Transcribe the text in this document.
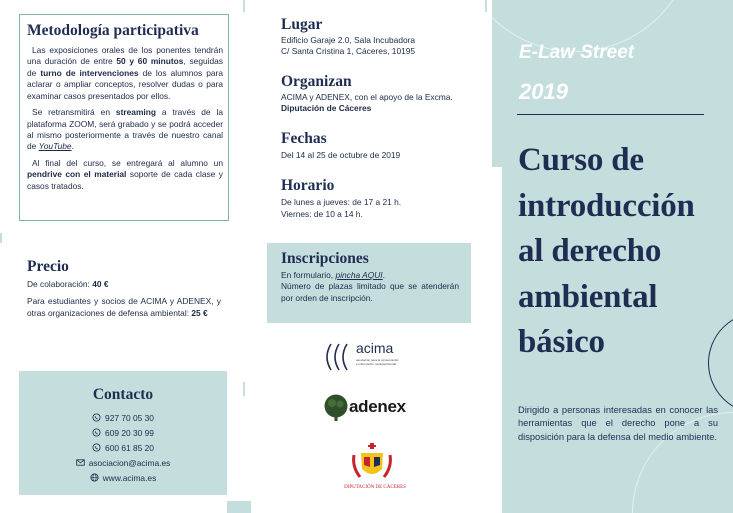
Metodología participativa
Las exposiciones orales de los ponentes tendrán una duración de entre 50 y 60 minutos, seguidas de turno de intervenciones de los alumnos para aclarar o ampliar conceptos, resolver dudas o para examinar casos presentados por ellos.
Se retransmitirá en streaming a través de la plataforma ZOOM, será grabado y se podrá acceder al mismo posteriormente a través de nuestro canal de YouTube.
Al final del curso, se entregará al alumno un pendrive con el material soporte de cada clase y casos tratados.
Precio
De colaboración: 40 €
Para estudiantes y socios de ACIMA y ADENEX, y otras organizaciones de defensa ambiental: 25 €
Contacto
927 70 05 30
609 20 30 99
600 61 85 20
asociacion@acima.es
www.acima.es
Lugar
Edificio Garaje 2.0, Sala Incubadora
C/ Santa Cristina 1, Cáceres, 10195
Organizan
ACIMA y ADENEX, con el apoyo de la Excma. Diputación de Cáceres
Fechas
Del 14 al 25 de octubre de 2019
Horario
De lunes a jueves: de 17 a 21 h.
Viernes: de 10 a 14 h.
Inscripciones
En formulario, pincha AQUI.
Número de plazas limitado que se atenderán por orden de inscripción.
acima
asociación para la conservación
e información medioambiental
adenex
DIPUTACIÓN DE CÁCERES
E-Law Street
2019
Curso de
introducción
al derecho
ambiental
básico
Dirigido a personas interesadas en conocer las herramientas que el derecho pone a su disposición para la defensa del medio ambiente.
